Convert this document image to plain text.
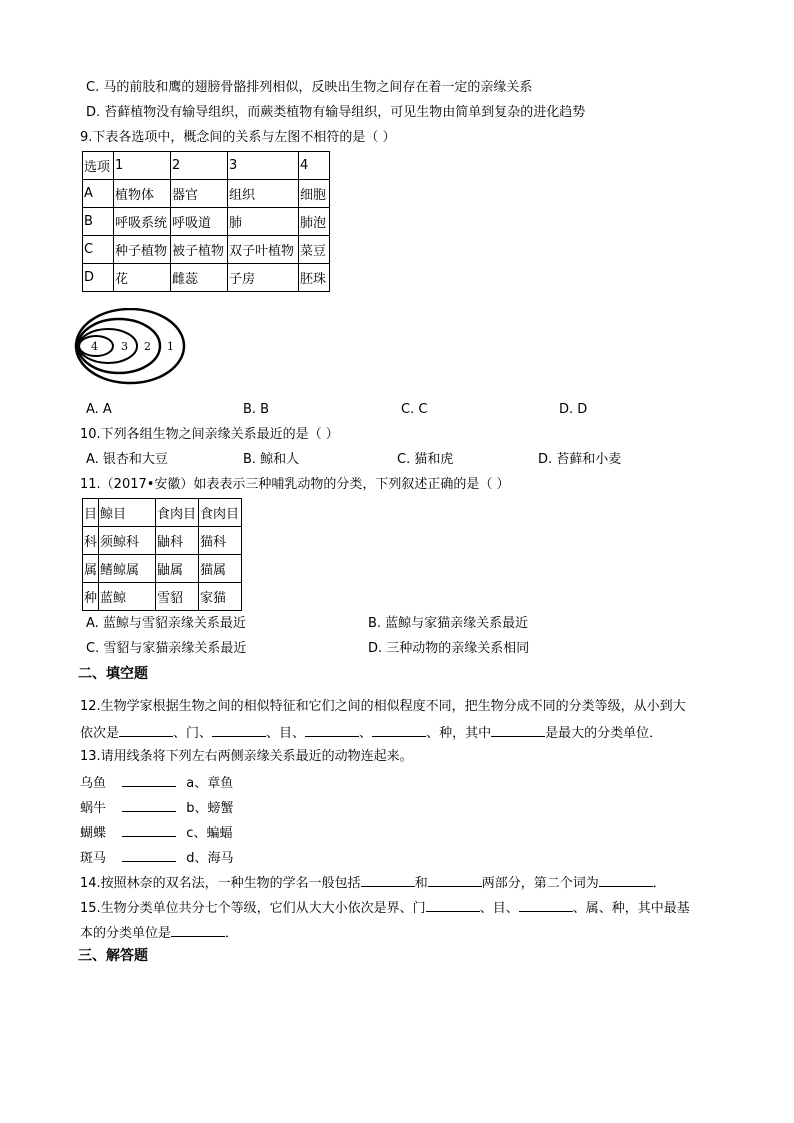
C. 马的前肢和鹰的翅膀骨骼排列相似，反映出生物之间存在着一定的亲缘关系
D. 苔藓植物没有输导组织，而蕨类植物有输导组织，可见生物由简单到复杂的进化趋势
9.下表各选项中，概念间的关系与左图不相符的是（ ）
选项	1	2	3	4
A	植物体	器官	组织	细胞
B	呼吸系统	呼吸道	肺	肺泡
C	种子植物	被子植物	双子叶植物	菜豆
D	花	雌蕊	子房	胚珠
4 3 2 1
A. A	B. B	C. C	D. D
10.下列各组生物之间亲缘关系最近的是（ ）
A. 银杏和大豆	B. 鲸和人	C. 猫和虎	D. 苔藓和小麦
11.（2017•安徽）如表表示三种哺乳动物的分类，下列叙述正确的是（ ）
目	鲸目	食肉目	食肉目
科	须鲸科	鼬科	猫科
属	鳍鲸属	鼬属	猫属
种	蓝鲸	雪貂	家猫
A. 蓝鲸与雪貂亲缘关系最近	B. 蓝鲸与家猫亲缘关系最近
C. 雪貂与家猫亲缘关系最近	D. 三种动物的亲缘关系相同
二、填空题
12.生物学家根据生物之间的相似特征和它们之间的相似程度不同，把生物分成不同的分类等级，从小到大
依次是	、门、	、目、	、	、种，其中	是最大的分类单位．
13.请用线条将下列左右两侧亲缘关系最近的动物连起来。
乌鱼	a、章鱼
蜗牛	b、螃蟹
蝴蝶	c、蝙蝠
斑马	d、海马
14.按照林奈的双名法，一种生物的学名一般包括	和	两部分，第二个词为	．
15.生物分类单位共分七个等级，它们从大大小依次是界、门	、目、	、属、种，其中最基
本的分类单位是	．
三、解答题
